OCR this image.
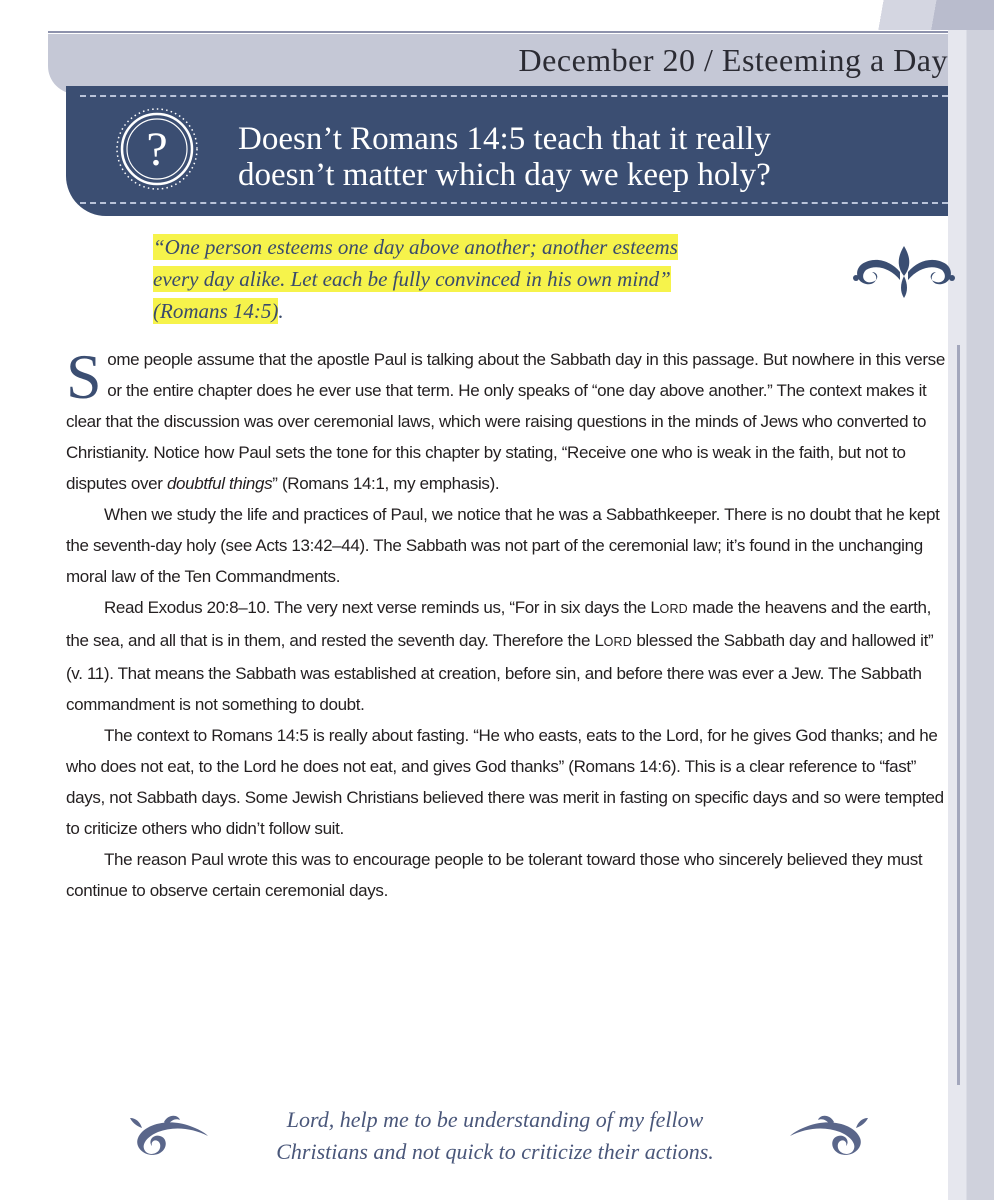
December 20 / Esteeming a Day
? Doesn’t Romans 14:5 teach that it really
doesn’t matter which day we keep holy?

“One person esteems one day above another; another esteems
every day alike. Let each be fully convinced in his own mind”
(Romans 14:5).

Some people assume that the apostle Paul is talking about the Sabbath day in this passage. But nowhere in this verse or the entire chapter does he ever use that term. He only speaks of “one day above another.” The context makes it clear that the discussion was over ceremonial laws, which were raising questions in the minds of Jews who converted to Christianity. Notice how Paul sets the tone for this chapter by stating, “Receive one who is weak in the faith, but not to disputes over doubtful things” (Romans 14:1, my emphasis).

When we study the life and practices of Paul, we notice that he was a Sabbathkeeper. There is no doubt that he kept the seventh-day holy (see Acts 13:42–44). The Sabbath was not part of the ceremonial law; it’s found in the unchanging moral law of the Ten Commandments.

Read Exodus 20:8–10. The very next verse reminds us, “For in six days the LORD made the heavens and the earth, the sea, and all that is in them, and rested the seventh day. Therefore the LORD blessed the Sabbath day and hallowed it” (v. 11). That means the Sabbath was established at creation, before sin, and before there was ever a Jew. The Sabbath commandment is not something to doubt.

The context to Romans 14:5 is really about fasting. “He who easts, eats to the Lord, for he gives God thanks; and he who does not eat, to the Lord he does not eat, and gives God thanks” (Romans 14:6). This is a clear reference to “fast” days, not Sabbath days. Some Jewish Christians believed there was merit in fasting on specific days and so were tempted to criticize others who didn’t follow suit.

The reason Paul wrote this was to encourage people to be tolerant toward those who sincerely believed they must continue to observe certain ceremonial days.

Lord, help me to be understanding of my fellow
Christians and not quick to criticize their actions.
